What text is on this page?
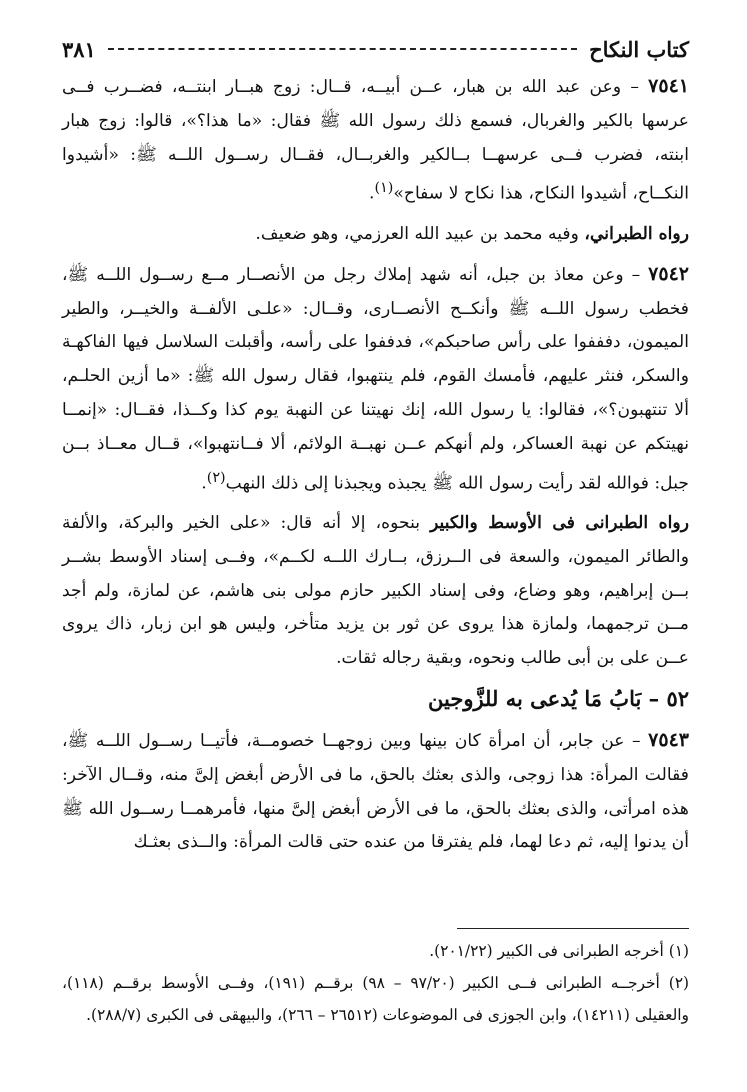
كتاب النكاح
٣٨١

٧٥٤١ – وعن عبد الله بن هبار، عــن أبيــه، قــال: زوج هبــار ابنتــه، فضــرب فــى عرسها بالكير والغربال، فسمع ذلك رسول الله ﷺ فقال: «ما هذا؟»، قالوا: زوج هبار ابنته، فضرب فــى عرسهــا بــالكير والغربــال، فقــال رســول اللــه ﷺ: «أشيدوا النكــاح، أشيدوا النكاح، هذا نكاح لا سفاح»$^{(١)}$.

رواه الطبراني، وفيه محمد بن عبيد الله العرزمي، وهو ضعيف.

٧٥٤٢ – وعن معاذ بن جبل، أنه شهد إملاك رجل من الأنصــار مــع رســول اللــه ﷺ، فخطب رسول اللــه ﷺ وأنكــح الأنصــارى، وقــال: «علـى الألفــة والخيــر، والطير الميمون، دفففوا على رأس صاحبكم»، فدففوا على رأسه، وأقبلت السلاسل فيها الفاكهـة والسكر، فنثر عليهم، فأمسك القوم، فلم ينتهبوا، فقال رسول الله ﷺ: «ما أزين الحلـم، ألا تنتهبون؟»، فقالوا: يا رسول الله، إنك نهيتنا عن النهبة يوم كذا وكــذا، فقــال: «إنمــا نهيتكم عن نهبة العساكر، ولم أنهكم عــن نهبــة الولائم، ألا فــانتهبوا»، قــال معــاذ بــن جبل: فوالله لقد رأيت رسول الله ﷺ يجبذه ويجبذنا إلى ذلك النهب$^{(٢)}$.

رواه الطبرانى فى الأوسط والكبير بنحوه، إلا أنه قال: «على الخير والبركة، والألفة والطائر الميمون، والسعة فى الــرزق، بــارك اللــه لكــم»، وفــى إسناد الأوسط بشــر بــن إبراهيم، وهو وضاع، وفى إسناد الكبير حازم مولى بنى هاشم، عن لمازة، ولم أجد مــن ترجمهما، ولمازة هذا يروى عن ثور بن يزيد متأخر، وليس هو ابن زبار، ذاك يروى عــن على بن أبى طالب ونحوه، وبقية رجاله ثقات.

٥٢ – بَابُ مَا يُدعى به للزَّوجين

٧٥٤٣ – عن جابر، أن امرأة كان بينها وبين زوجهــا خصومــة، فأتيــا رســول اللــه ﷺ، فقالت المرأة: هذا زوجى، والذى بعثك بالحق، ما فى الأرض أبغض إلىَّ منه، وقــال الآخر: هذه امرأتى، والذى بعثك بالحق، ما فى الأرض أبغض إلىَّ منها، فأمرهمــا رســول الله ﷺ أن يدنوا إليه، ثم دعا لهما، فلم يفترقا من عنده حتى قالت المرأة: والــذى بعثـك

(١) أخرجه الطبرانى فى الكبير (٢٠١/٢٢).

(٢) أخرجــه الطبرانى فــى الكبير (٩٧/٢٠ – ٩٨) برقــم (١٩١)، وفــى الأوسط برقــم (١١٨)، والعقيلى (١٤٢١١)، وابن الجوزى فى الموضوعات (٢٦٥١٢ – ٢٦٦)، والبيهقى فى الكبرى (٢٨٨/٧).
